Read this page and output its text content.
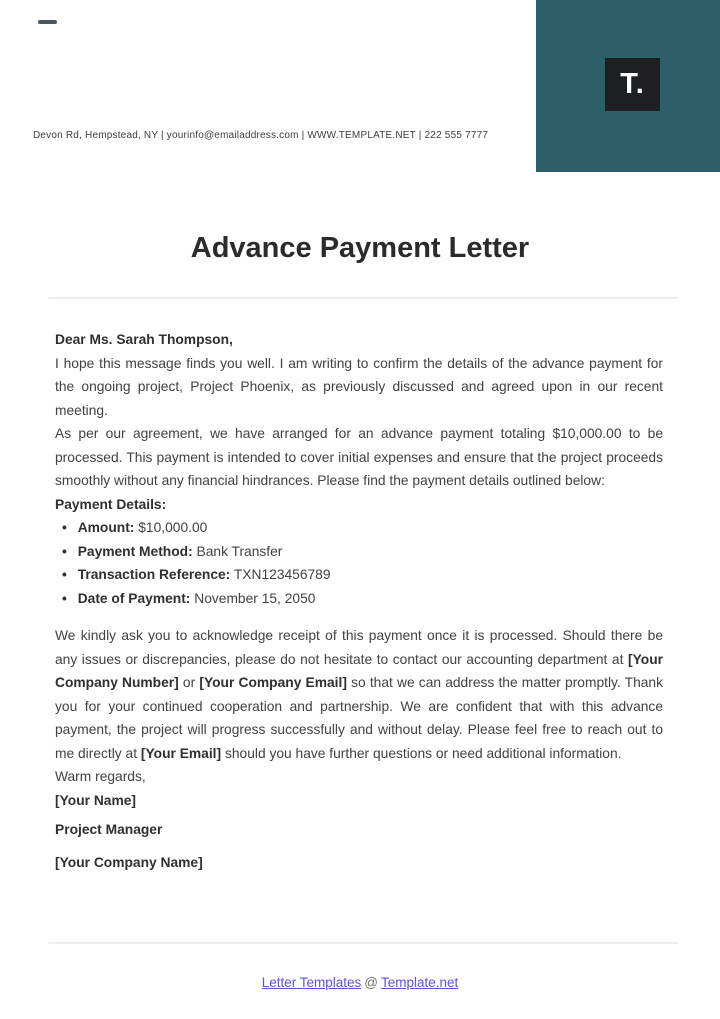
T.
Devon Rd, Hempstead, NY | yourinfo@emailaddress.com | WWW.TEMPLATE.NET | 222 555 7777
Advance Payment Letter

Dear Ms. Sarah Thompson,

I hope this message finds you well. I am writing to confirm the details of the advance payment for the ongoing project, Project Phoenix, as previously discussed and agreed upon in our recent meeting.

As per our agreement, we have arranged for an advance payment totaling $10,000.00 to be processed. This payment is intended to cover initial expenses and ensure that the project proceeds smoothly without any financial hindrances. Please find the payment details outlined below:

Payment Details:

• Amount: $10,000.00
• Payment Method: Bank Transfer
• Transaction Reference: TXN123456789
• Date of Payment: November 15, 2050

We kindly ask you to acknowledge receipt of this payment once it is processed. Should there be any issues or discrepancies, please do not hesitate to contact our accounting department at [Your Company Number] or [Your Company Email] so that we can address the matter promptly. Thank you for your continued cooperation and partnership. We are confident that with this advance payment, the project will progress successfully and without delay. Please feel free to reach out to me directly at [Your Email] should you have further questions or need additional information.

Warm regards,

[Your Name]

Project Manager

[Your Company Name]

Letter Templates @ Template.net
